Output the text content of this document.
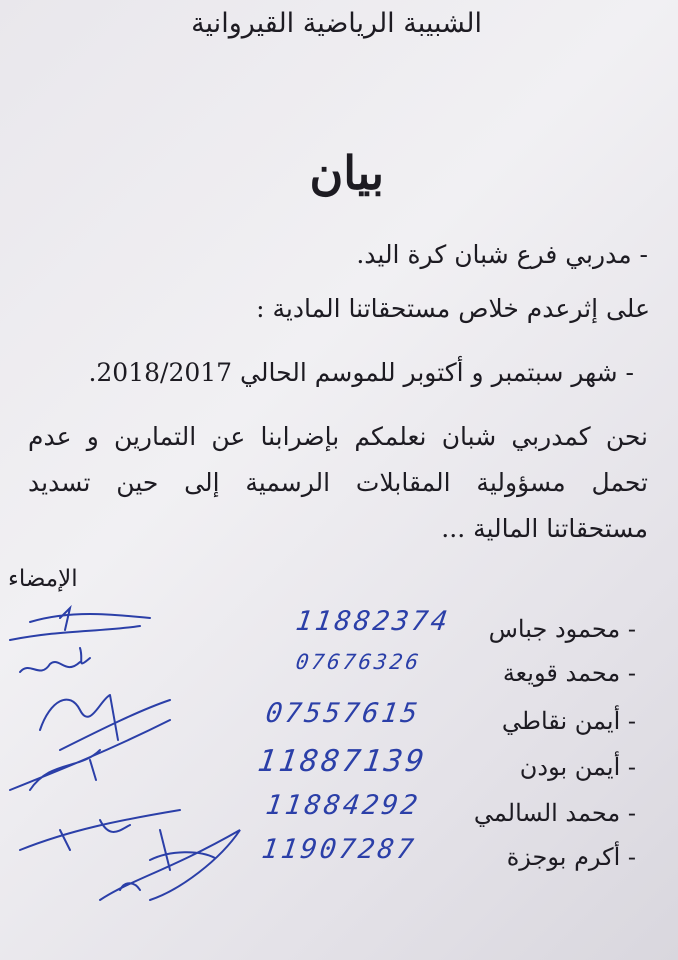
الشبيبة الرياضية القيروانية
بيان
- مدربي فرع شبان كرة اليد.
على إثرعدم خلاص مستحقاتنا المادية :
- شهر سبتمبر و أكتوبر للموسم الحالي 2018/2017.
نحن كمدربي شبان نعلمكم بإضرابنا عن التمارين و عدم تحمل مسؤولية المقابلات الرسمية إلى حين تسديد مستحقاتنا المالية ...
الإمضاء
- محمود جباس
11882374
- محمد قويعة
07676326
- أيمن نقاطي
07557615
- أيمن بودن
11887139
- محمد السالمي
11884292
- أكرم بوجزة
11907287
